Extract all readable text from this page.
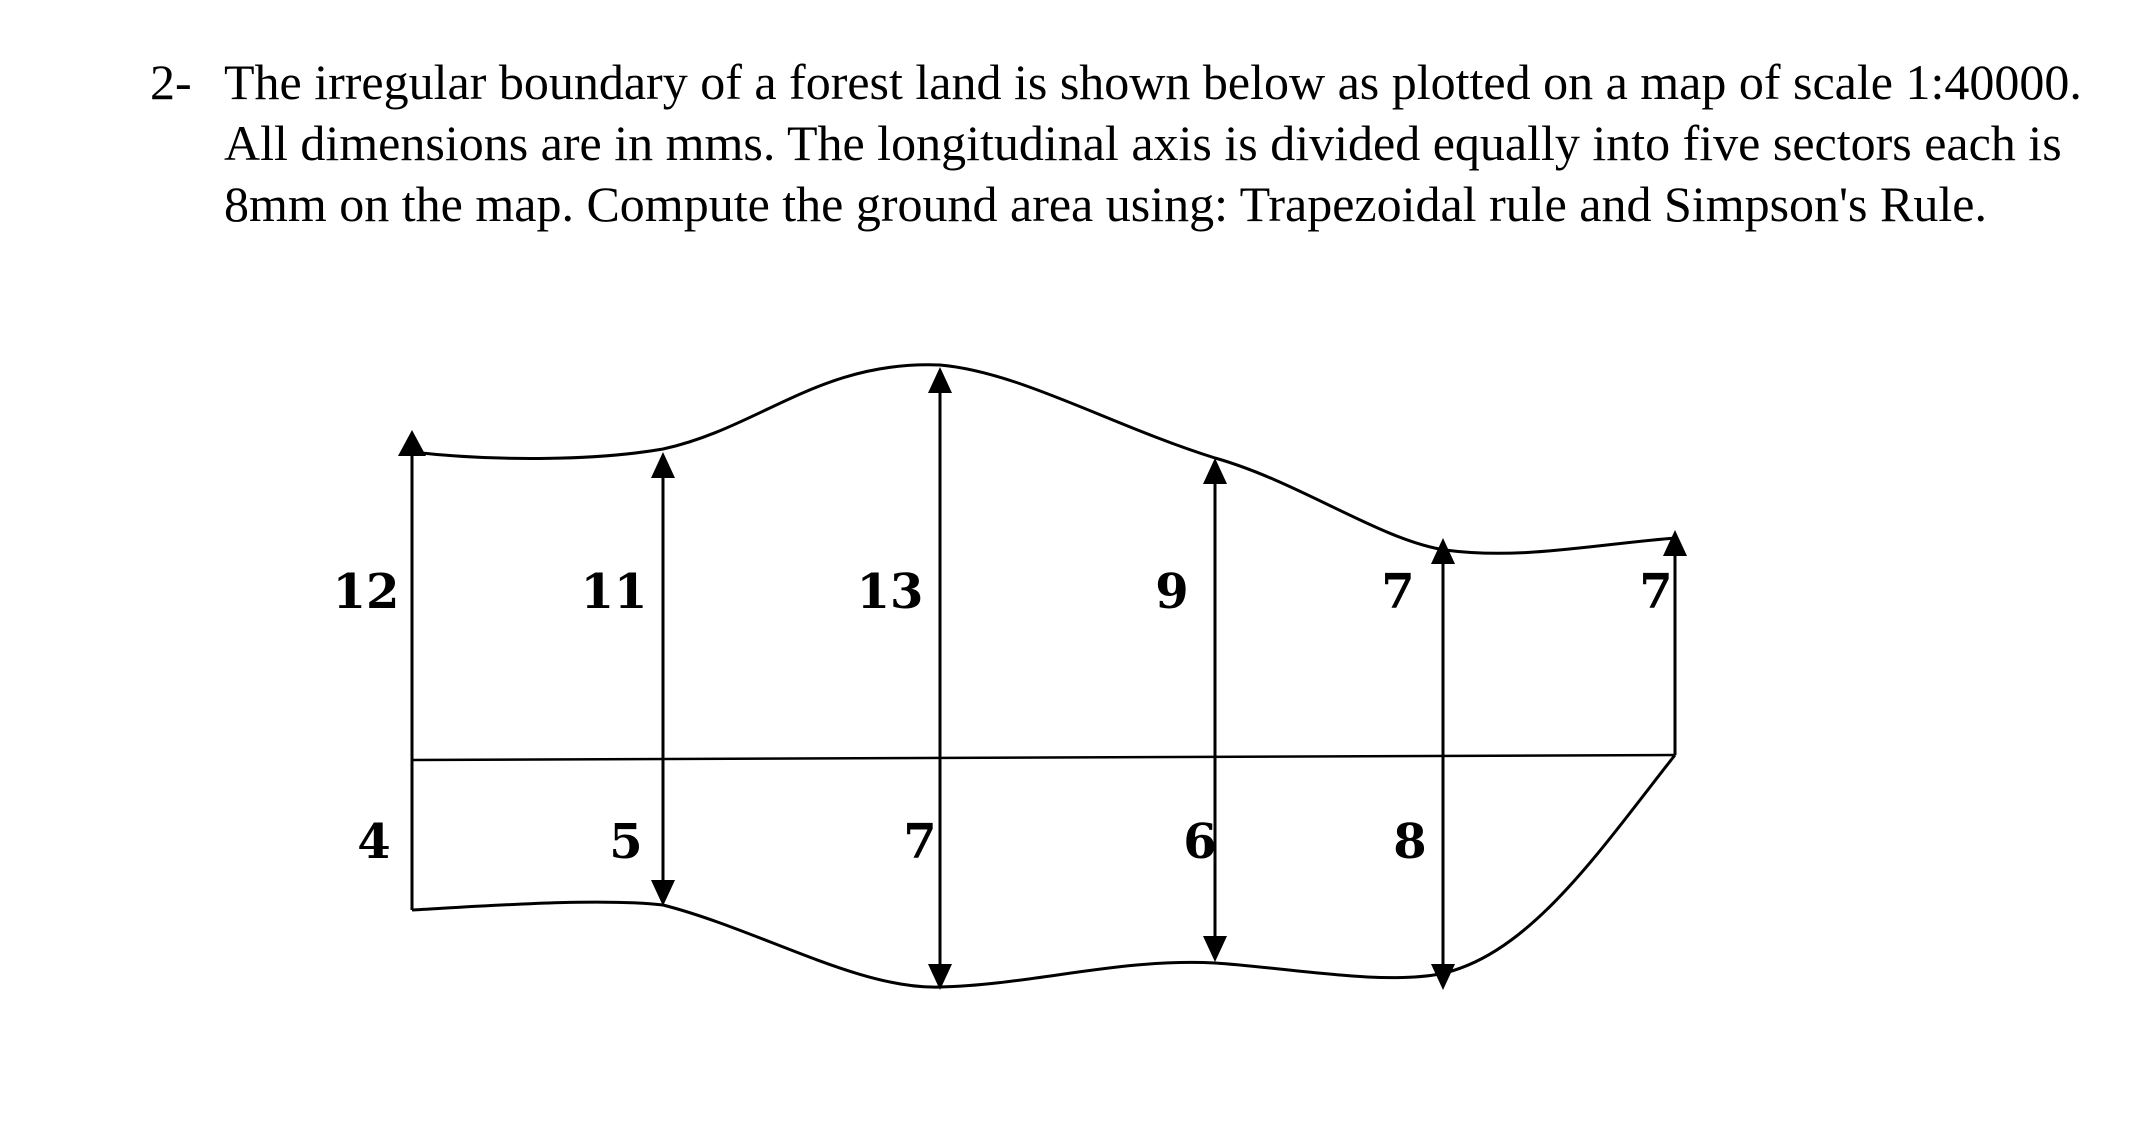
2- The irregular boundary of a forest land is shown below as plotted on a map of scale 1:40000. All dimensions are in mms. The longitudinal axis is divided equally into five sectors each is 8mm on the map. Compute the ground area using: Trapezoidal rule and Simpson's Rule.
12	11	13	9	7	7
4	5	7	6	8
